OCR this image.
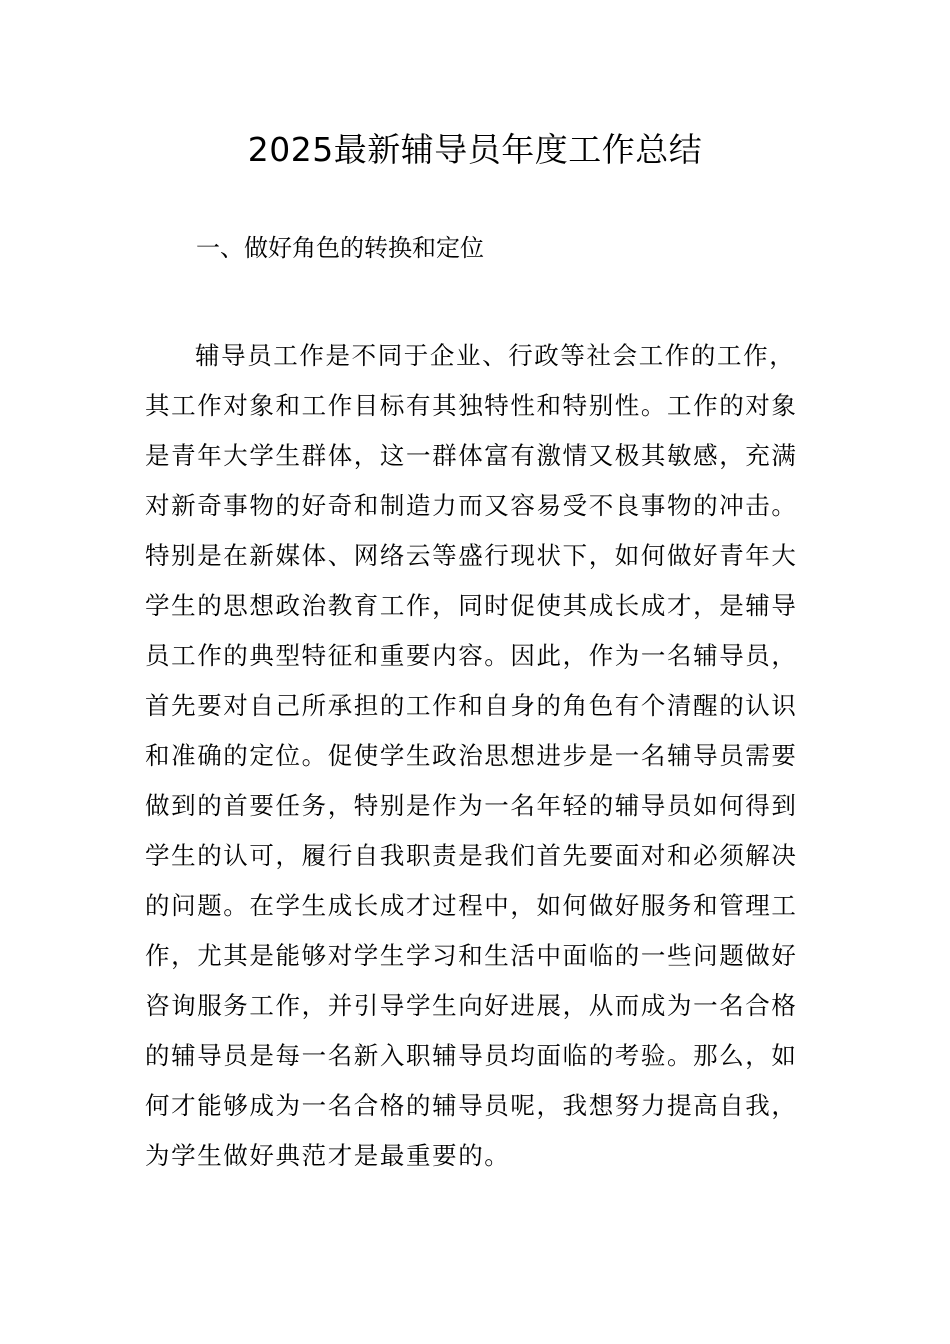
2025最新辅导员年度工作总结
一、做好角色的转换和定位
辅导员工作是不同于企业、行政等社会工作的工作，
其工作对象和工作目标有其独特性和特别性。工作的对象
是青年大学生群体，这一群体富有激情又极其敏感，充满
对新奇事物的好奇和制造力而又容易受不良事物的冲击。
特别是在新媒体、网络云等盛行现状下，如何做好青年大
学生的思想政治教育工作，同时促使其成长成才，是辅导
员工作的典型特征和重要内容。因此，作为一名辅导员，
首先要对自己所承担的工作和自身的角色有个清醒的认识
和准确的定位。促使学生政治思想进步是一名辅导员需要
做到的首要任务，特别是作为一名年轻的辅导员如何得到
学生的认可，履行自我职责是我们首先要面对和必须解决
的问题。在学生成长成才过程中，如何做好服务和管理工
作，尤其是能够对学生学习和生活中面临的一些问题做好
咨询服务工作，并引导学生向好进展，从而成为一名合格
的辅导员是每一名新入职辅导员均面临的考验。那么，如
何才能够成为一名合格的辅导员呢，我想努力提高自我，
为学生做好典范才是最重要的。
